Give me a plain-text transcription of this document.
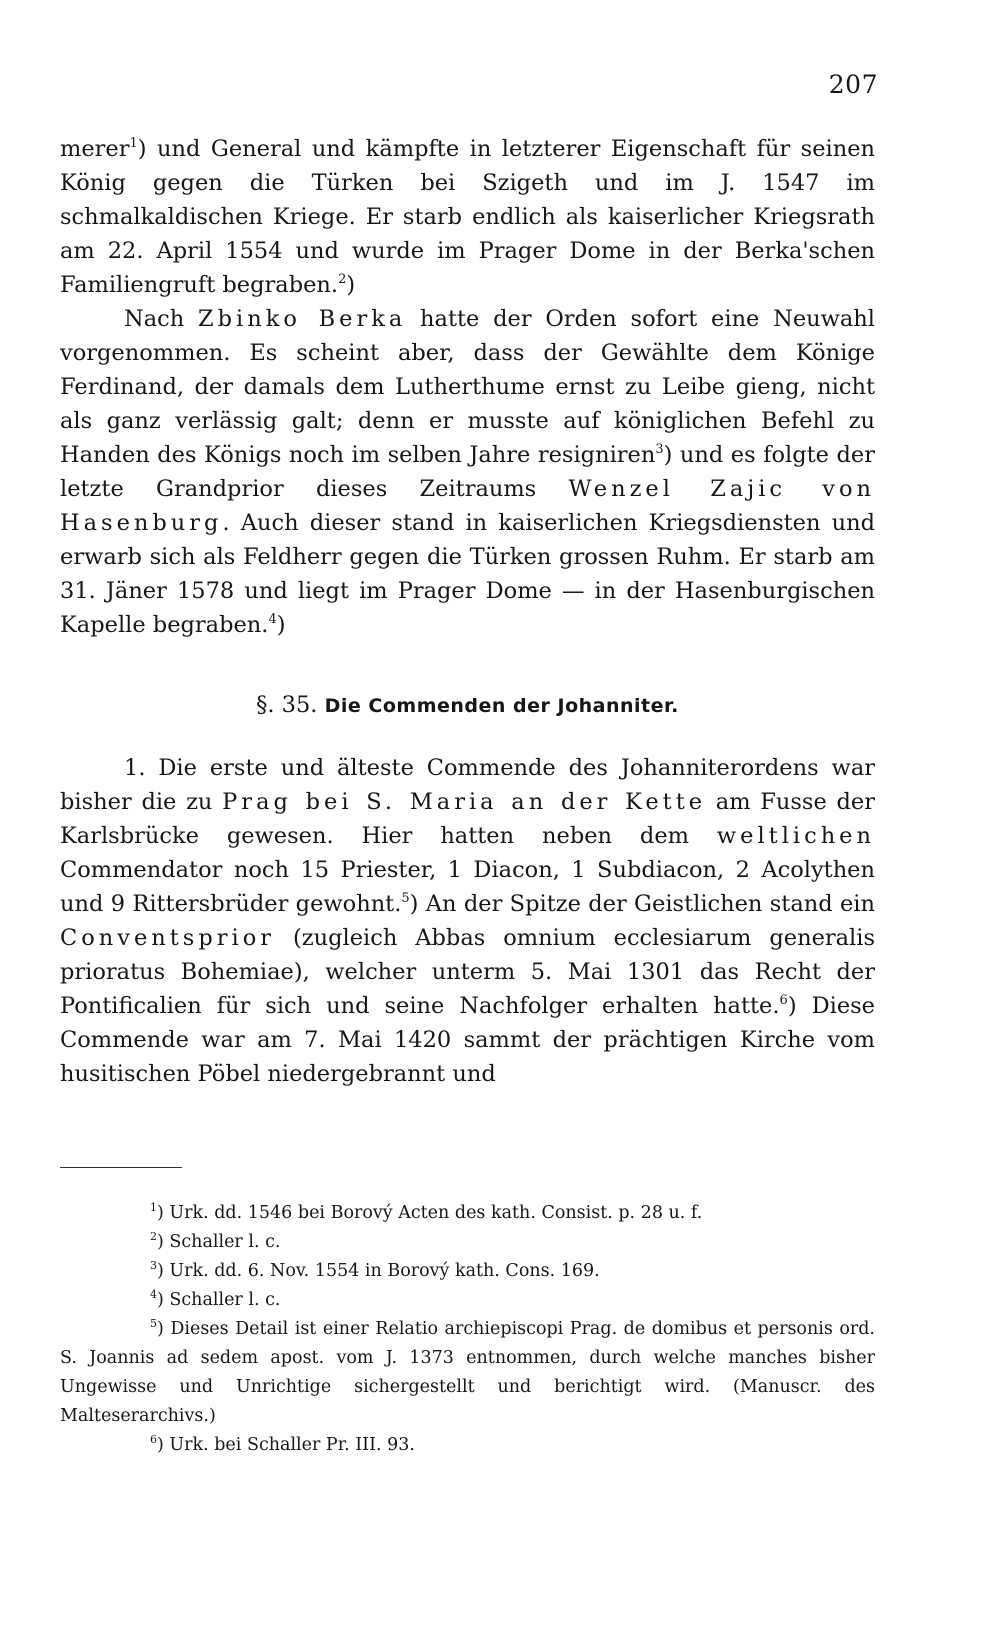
207

merer$^1$) und General und kämpfte in letzterer Eigenschaft für seinen König gegen die Türken bei Szigeth und im J. 1547 im schmalkaldischen Kriege. Er starb endlich als kaiserlicher Kriegsrath am 22. April 1554 und wurde im Prager Dome in der Berka'schen Familiengruft begraben.$^2$)

Nach Zbinko Berka hatte der Orden sofort eine Neuwahl vorgenommen. Es scheint aber, dass der Gewählte dem Könige Ferdinand, der damals dem Lutherthume ernst zu Leibe gieng, nicht als ganz verlässig galt; denn er musste auf königlichen Befehl zu Handen des Königs noch im selben Jahre resigniren$^3$) und es folgte der letzte Grandprior dieses Zeitraums Wenzel Zajic von Hasenburg. Auch dieser stand in kaiserlichen Kriegsdiensten und erwarb sich als Feldherr gegen die Türken grossen Ruhm. Er starb am 31. Jäner 1578 und liegt im Prager Dome — in der Hasenburgischen Kapelle begraben.$^4$)

§. 35. Die Commenden der Johanniter.

1. Die erste und älteste Commende des Johanniterordens war bisher die zu Prag bei S. Maria an der Kette am Fusse der Karlsbrücke gewesen. Hier hatten neben dem weltlichen Commendator noch 15 Priester, 1 Diacon, 1 Subdiacon, 2 Acolythen und 9 Rittersbrüder gewohnt.$^5$) An der Spitze der Geistlichen stand ein Conventsprior (zugleich Abbas omnium ecclesiarum generalis prioratus Bohemiae), welcher unterm 5. Mai 1301 das Recht der Pontificalien für sich und seine Nachfolger erhalten hatte.$^6$) Diese Commende war am 7. Mai 1420 sammt der prächtigen Kirche vom husitischen Pöbel niedergebrannt und

$^1$) Urk. dd. 1546 bei Borový Acten des kath. Consist. p. 28 u. f.

$^2$) Schaller l. c.

$^3$) Urk. dd. 6. Nov. 1554 in Borový kath. Cons. 169.

$^4$) Schaller l. c.

$^5$) Dieses Detail ist einer Relatio archiepiscopi Prag. de domibus et personis ord. S. Joannis ad sedem apost. vom J. 1373 entnommen, durch welche manches bisher Ungewisse und Unrichtige sichergestellt und berichtigt wird. (Manuscr. des Malteserarchivs.)

$^6$) Urk. bei Schaller Pr. III. 93.
